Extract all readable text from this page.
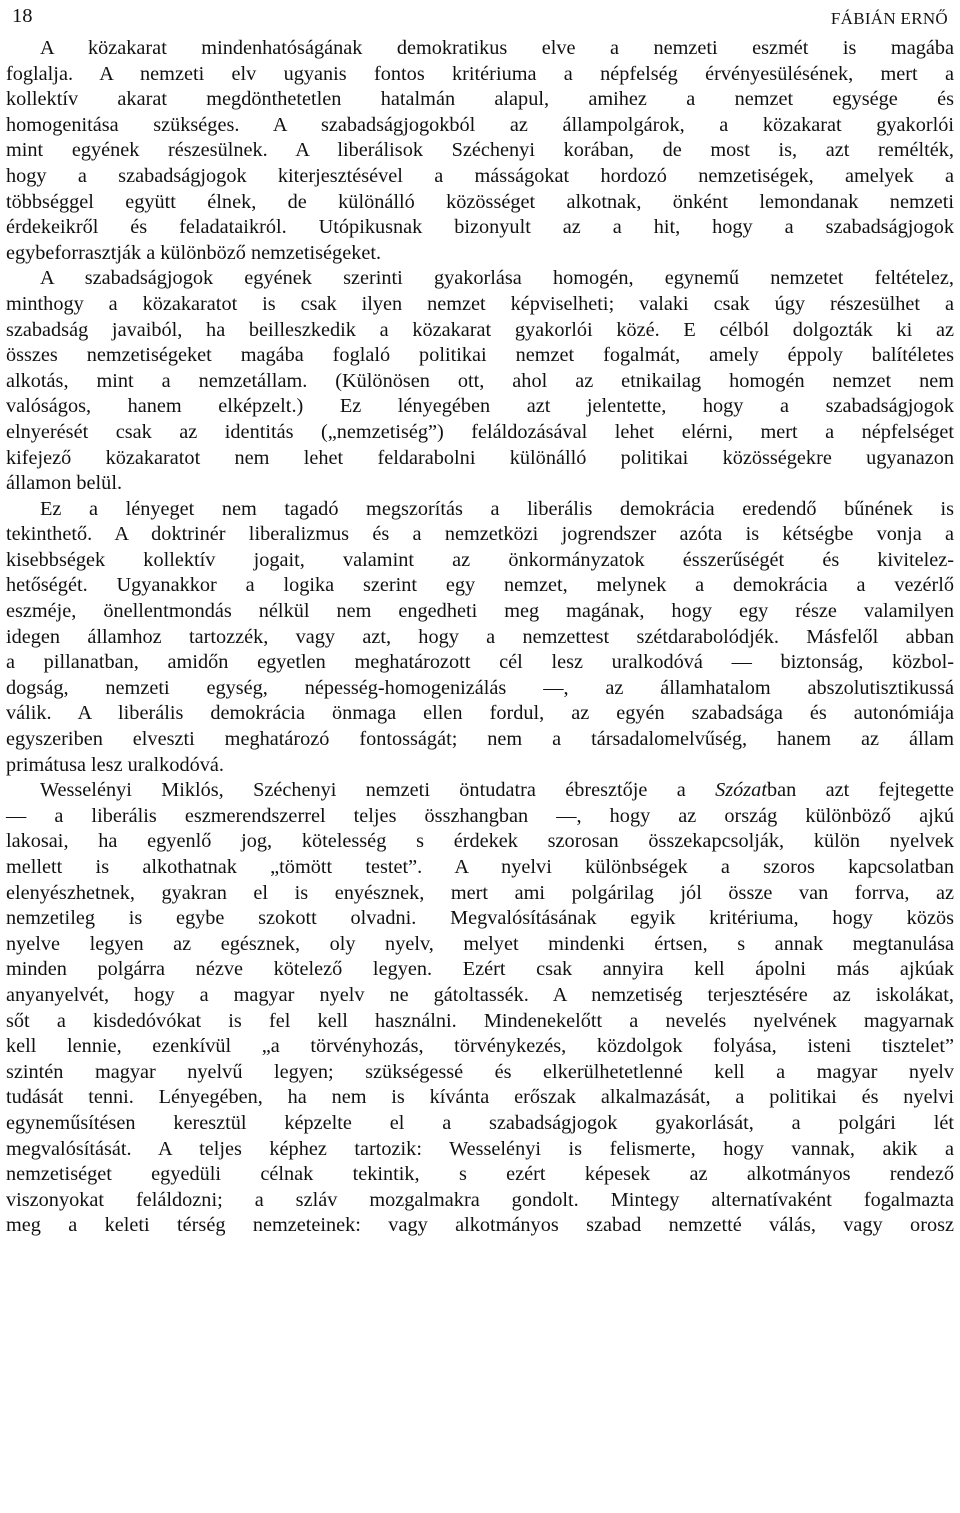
18	FÁBIÁN ERNŐ
A közakarat mindenhatóságának demokratikus elve a nemzeti eszmét is magába
foglalja. A nemzeti elv ugyanis fontos kritériuma a népfelség érvényesülésének, mert a
kollektív akarat megdönthetetlen hatalmán alapul, amihez a nemzet egysége és
homogenitása szükséges. A szabadságjogokból az állampolgárok, a közakarat gyakorlói
mint egyének részesülnek. A liberálisok Széchenyi korában, de most is, azt remélték,
hogy a szabadságjogok kiterjesztésével a másságokat hordozó nemzetiségek, amelyek a
többséggel együtt élnek, de különálló közösséget alkotnak, önként lemondanak nemzeti
érdekeikről és feladataikról. Utópikusnak bizonyult az a hit, hogy a szabadságjogok
egybeforrasztják a különböző nemzetiségeket.
A szabadságjogok egyének szerinti gyakorlása homogén, egynemű nemzetet feltételez,
minthogy a közakaratot is csak ilyen nemzet képviselheti; valaki csak úgy részesülhet a
szabadság javaiból, ha beilleszkedik a közakarat gyakorlói közé. E célból dolgozták ki az
összes nemzetiségeket magába foglaló politikai nemzet fogalmát, amely éppoly balítéletes
alkotás, mint a nemzetállam. (Különösen ott, ahol az etnikailag homogén nemzet nem
valóságos, hanem elképzelt.) Ez lényegében azt jelentette, hogy a szabadságjogok
elnyerését csak az identitás („nemzetiség”) feláldozásával lehet elérni, mert a népfelséget
kifejező közakaratot nem lehet feldarabolni különálló politikai közösségekre ugyanazon
államon belül.
Ez a lényeget nem tagadó megszorítás a liberális demokrácia eredendő bűnének is
tekinthető. A doktrinér liberalizmus és a nemzetközi jogrendszer azóta is kétségbe vonja a
kisebbségek kollektív jogait, valamint az önkormányzatok ésszerűségét és kivitelez-
hetőségét. Ugyanakkor a logika szerint egy nemzet, melynek a demokrácia a vezérlő
eszméje, önellentmondás nélkül nem engedheti meg magának, hogy egy része valamilyen
idegen államhoz tartozzék, vagy azt, hogy a nemzettest szétdarabolódjék. Másfelől abban
a pillanatban, amidőn egyetlen meghatározott cél lesz uralkodóvá — biztonság, közbol-
dogság, nemzeti egység, népesség-homogenizálás —, az államhatalom abszolutisztikussá
válik. A liberális demokrácia önmaga ellen fordul, az egyén szabadsága és autonómiája
egyszeriben elveszti meghatározó fontosságát; nem a társadalomelvűség, hanem az állam
primátusa lesz uralkodóvá.
Wesselényi Miklós, Széchenyi nemzeti öntudatra ébresztője a Szózatban azt fejtegette
— a liberális eszmerendszerrel teljes összhangban —, hogy az ország különböző ajkú
lakosai, ha egyenlő jog, kötelesség s érdekek szorosan összekapcsolják, külön nyelvek
mellett is alkothatnak „tömött testet”. A nyelvi különbségek a szoros kapcsolatban
elenyészhetnek, gyakran el is enyésznek, mert ami polgárilag jól össze van forrva, az
nemzetileg is egybe szokott olvadni. Megvalósításának egyik kritériuma, hogy közös
nyelve legyen az egésznek, oly nyelv, melyet mindenki értsen, s annak megtanulása
minden polgárra nézve kötelező legyen. Ezért csak annyira kell ápolni más ajkúak
anyanyelvét, hogy a magyar nyelv ne gátoltassék. A nemzetiség terjesztésére az iskolákat,
sőt a kisdedóvókat is fel kell használni. Mindenekelőtt a nevelés nyelvének magyarnak
kell lennie, ezenkívül „a törvényhozás, törvénykezés, közdolgok folyása, isteni tisztelet”
szintén magyar nyelvű legyen; szükségessé és elkerülhetetlenné kell a magyar nyelv
tudását tenni. Lényegében, ha nem is kívánta erőszak alkalmazását, a politikai és nyelvi
egyneműsítésen keresztül képzelte el a szabadságjogok gyakorlását, a polgári lét
megvalósítását. A teljes képhez tartozik: Wesselényi is felismerte, hogy vannak, akik a
nemzetiséget egyedüli célnak tekintik, s ezért képesek az alkotmányos rendező
viszonyokat feláldozni; a szláv mozgalmakra gondolt. Mintegy alternatívaként fogalmazta
meg a keleti térség nemzeteinek: vagy alkotmányos szabad nemzetté válás, vagy orosz
